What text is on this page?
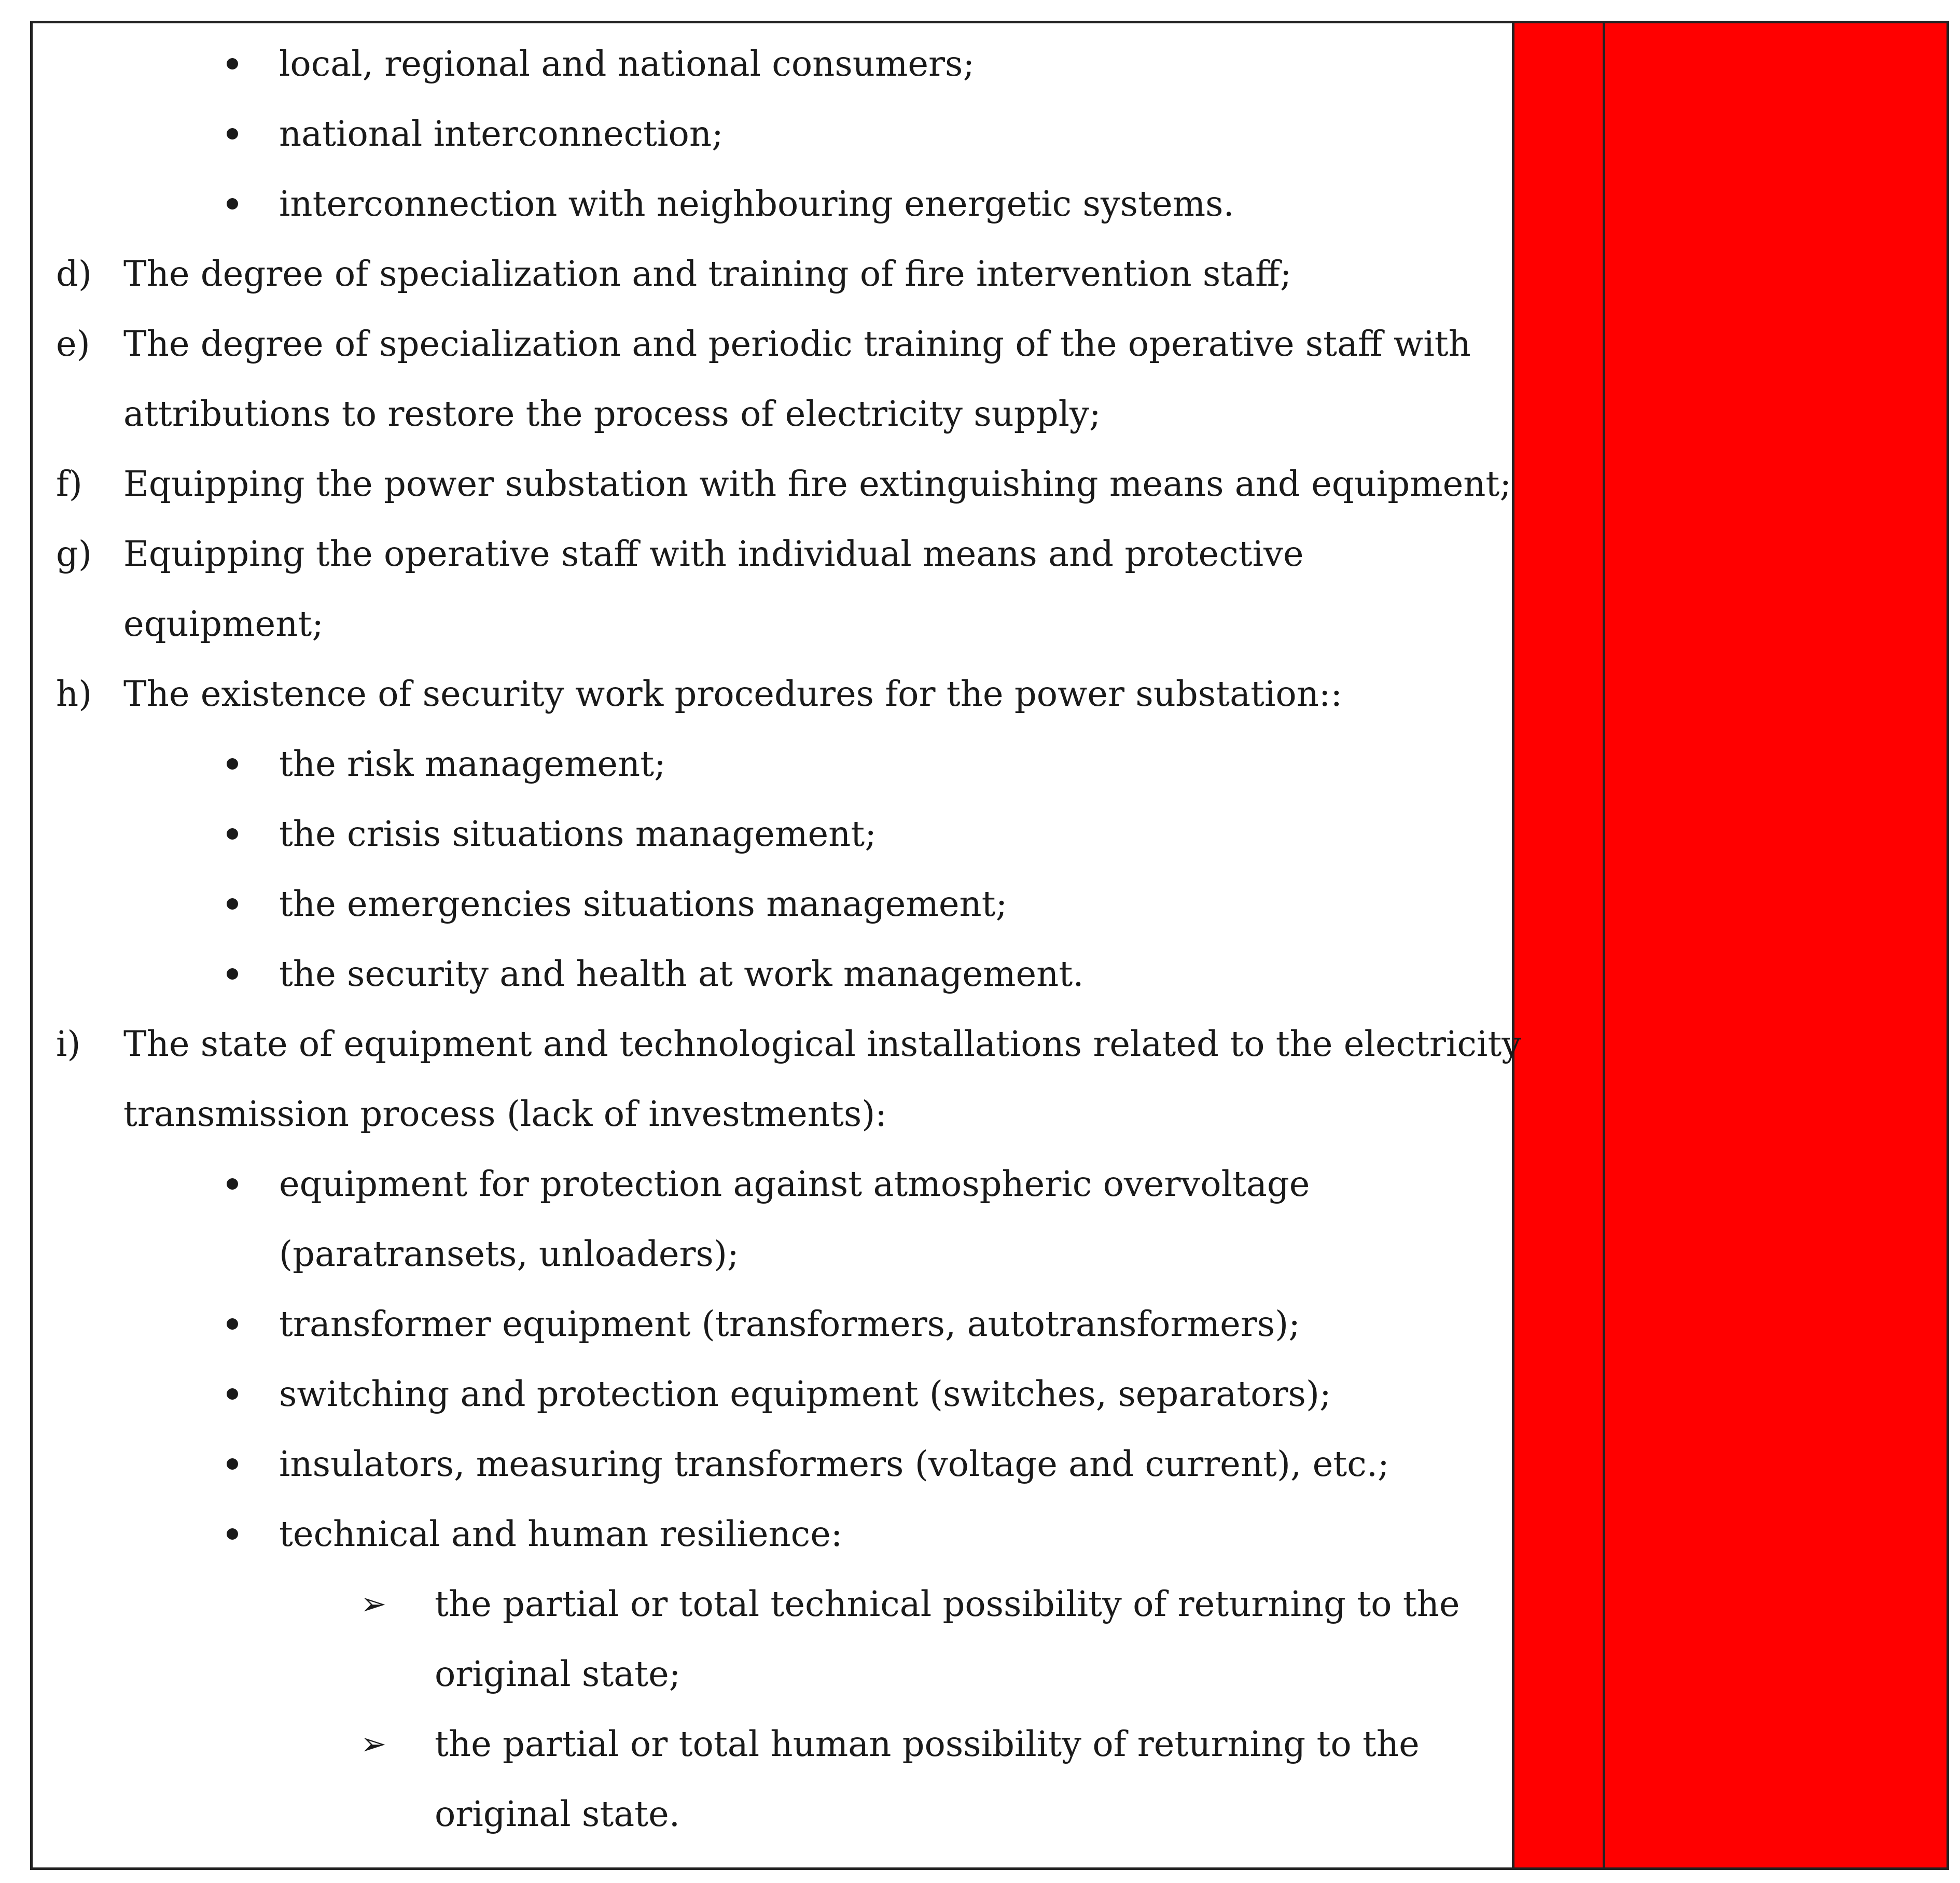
local, regional and national consumers;
national interconnection;
interconnection with neighbouring energetic systems.
d) The degree of specialization and training of fire intervention staff;
e) The degree of specialization and periodic training of the operative staff with
attributions to restore the process of electricity supply;
f) Equipping the power substation with fire extinguishing means and equipment;
g) Equipping the operative staff with individual means and protective
equipment;
h) The existence of security work procedures for the power substation::
the risk management;
the crisis situations management;
the emergencies situations management;
the security and health at work management.
i) The state of equipment and technological installations related to the electricity
transmission process (lack of investments):
equipment for protection against atmospheric overvoltage
(paratransets, unloaders);
transformer equipment (transformers, autotransformers);
switching and protection equipment (switches, separators);
insulators, measuring transformers (voltage and current), etc.;
technical and human resilience:
➢ the partial or total technical possibility of returning to the
original state;
➢ the partial or total human possibility of returning to the
original state.
